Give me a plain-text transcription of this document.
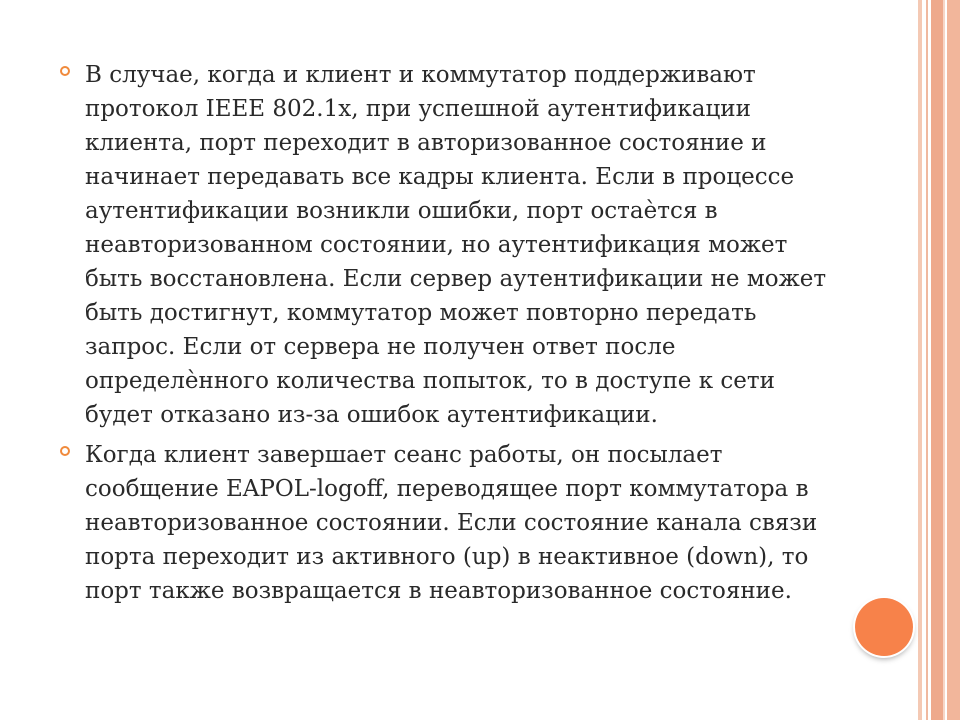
В случае, когда и клиент и коммутатор поддерживают
протокол IEEE 802.1x, при успешной аутентификации
клиента, порт переходит в авторизованное состояние и
начинает передавать все кадры клиента. Если в процессе
аутентификации возникли ошибки, порт остаѐтся в
неавторизованном состоянии, но аутентификация может
быть восстановлена. Если сервер аутентификации не может
быть достигнут, коммутатор может повторно передать
запрос. Если от сервера не получен ответ после
определѐнного количества попыток, то в доступе к сети
будет отказано из-за ошибок аутентификации.
Когда клиент завершает сеанс работы, он посылает
сообщение EAPOL-logoff, переводящее порт коммутатора в
неавторизованное состоянии. Если состояние канала связи
порта переходит из активного (up) в неактивное (down), то
порт также возвращается в неавторизованное состояние.
